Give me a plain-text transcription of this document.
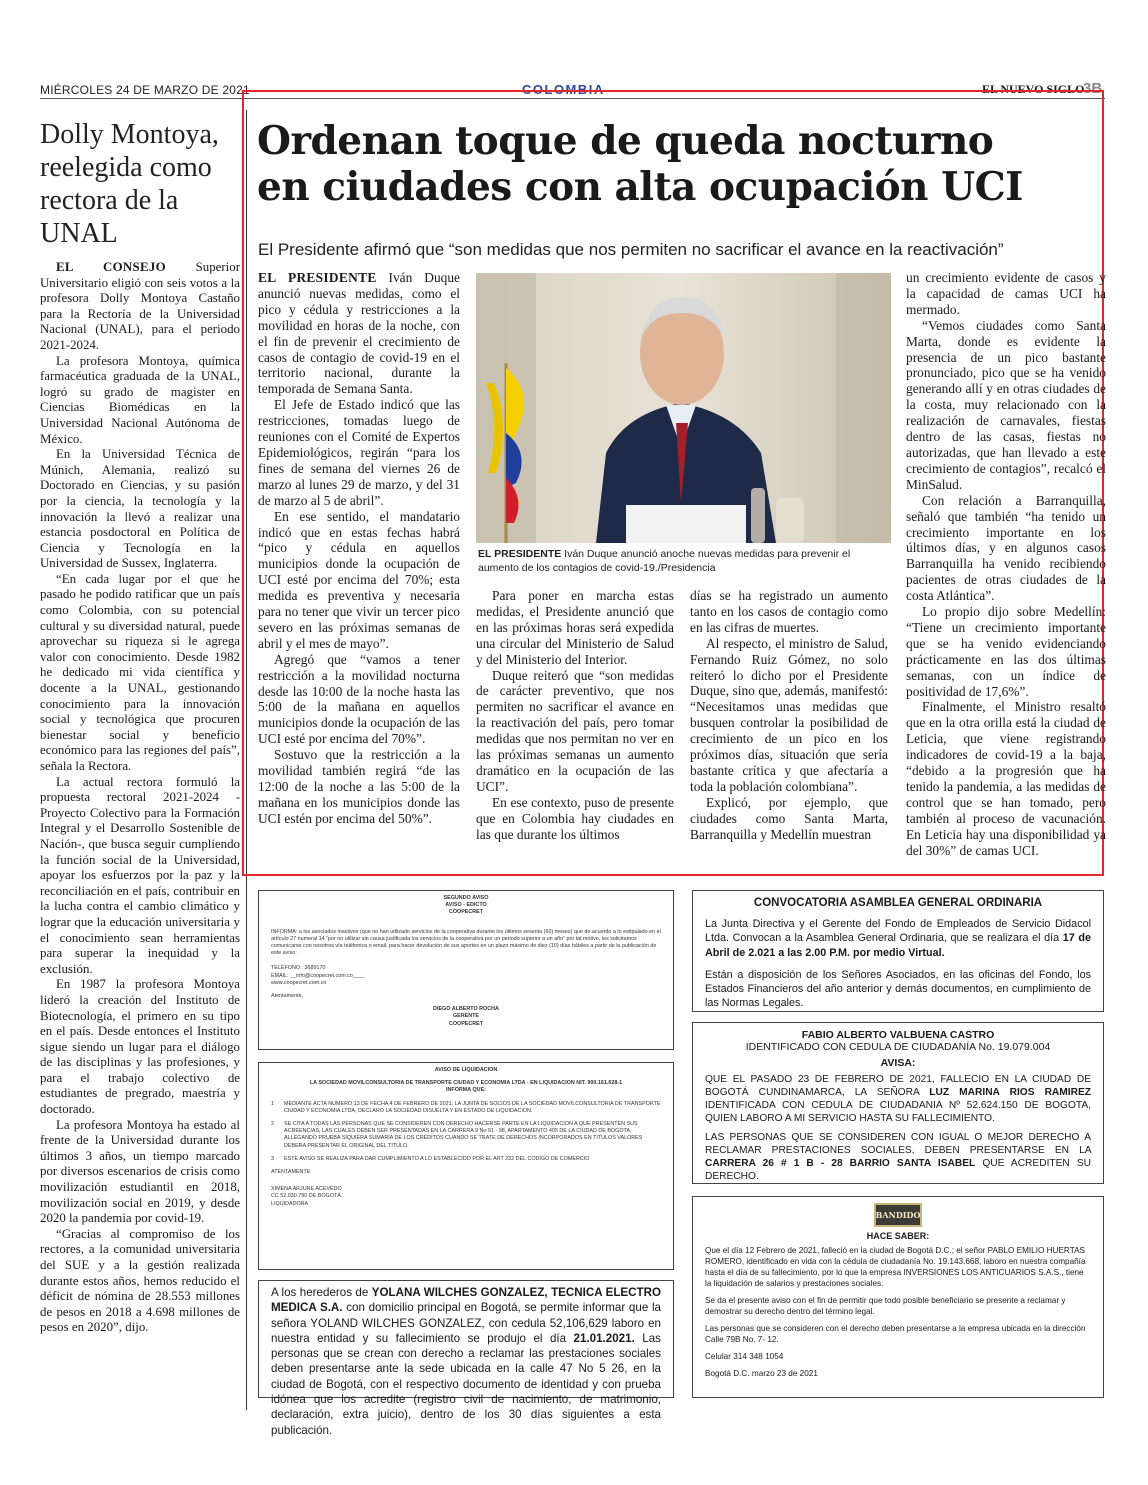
MIÉRCOLES 24 DE MARZO DE 2021	COLOMBIA	EL NUEVO SIGLO
3B
Dolly Montoya, reelegida como rectora de la UNAL

EL CONSEJO Superior Universitario eligió con seis votos a la profesora Dolly Montoya Castaño para la Rectoría de la Universidad Nacional (UNAL), para el periodo 2021-2024.

La profesora Montoya, química farmacéutica graduada de la UNAL, logró su grado de magister en Ciencias Biomédicas en la Universidad Nacional Autónoma de México.

En la Universidad Técnica de Múnich, Alemania, realizó su Doctorado en Ciencias, y su pasión por la ciencia, la tecnología y la innovación la llevó a realizar una estancia posdoctoral en Política de Ciencia y Tecnología en la Universidad de Sussex, Inglaterra.

“En cada lugar por el que he pasado he podido ratificar que un país como Colombia, con su potencial cultural y su diversidad natural, puede aprovechar su riqueza si le agrega valor con conocimiento. Desde 1982 he dedicado mi vida científica y docente a la UNAL, gestionando conocimiento para la innovación social y tecnológica que procuren bienestar social y beneficio económico para las regiones del país”, señala la Rectora.

La actual rectora formuló la propuesta rectoral 2021-2024 -Proyecto Colectivo para la Formación Integral y el Desarrollo Sostenible de Nación-, que busca seguir cumpliendo la función social de la Universidad, apoyar los esfuerzos por la paz y la reconciliación en el país, contribuir en la lucha contra el cambio climático y lograr que la educación universitaria y el conocimiento sean herramientas para superar la inequidad y la exclusión.

En 1987 la profesora Montoya lideró la creación del Instituto de Biotecnología, el primero en su tipo en el país. Desde entonces el Instituto sigue siendo un lugar para el diálogo de las disciplinas y las profesiones, y para el trabajo colectivo de estudiantes de pregrado, maestría y doctorado.

La profesora Montoya ha estado al frente de la Universidad durante los últimos 3 años, un tiempo marcado por diversos escenarios de crisis como movilización estudiantil en 2018, movilización social en 2019, y desde 2020 la pandemia por covid-19.

“Gracias al compromiso de los rectores, a la comunidad universitaria del SUE y a la gestión realizada durante estos años, hemos reducido el déficit de nómina de 28.553 millones de pesos en 2018 a 4.698 millones de pesos en 2020”, dijo.

Ordenan toque de queda nocturno
en ciudades con alta ocupación UCI
El Presidente afirmó que “son medidas que nos permiten no sacrificar el avance en la reactivación”

EL PRESIDENTE Iván Duque anunció nuevas medidas, como el pico y cédula y restricciones a la movilidad en horas de la noche, con el fin de prevenir el crecimiento de casos de contagio de covid-19 en el territorio nacional, durante la temporada de Semana Santa.

El Jefe de Estado indicó que las restricciones, tomadas luego de reuniones con el Comité de Expertos Epidemiológicos, regirán “para los fines de semana del viernes 26 de marzo al lunes 29 de marzo, y del 31 de marzo al 5 de abril”.

En ese sentido, el mandatario indicó que en estas fechas habrá “pico y cédula en aquellos municipios donde la ocupación de UCI esté por encima del 70%; esta medida es preventiva y necesaria para no tener que vivir un tercer pico severo en las próximas semanas de abril y el mes de mayo”.

Agregó que “vamos a tener restricción a la movilidad nocturna desde las 10:00 de la noche hasta las 5:00 de la mañana en aquellos municipios donde la ocupación de las UCI esté por encima del 70%”.

Sostuvo que la restricción a la movilidad también regirá “de las 12:00 de la noche a las 5:00 de la mañana en los municipios donde las UCI estén por encima del 50%”.

EL PRESIDENTE Iván Duque anunció anoche nuevas medidas para prevenir el aumento de los contagios de covid-19./Presidencia

Para poner en marcha estas medidas, el Presidente anunció que en las próximas horas será expedida una circular del Ministerio de Salud y del Ministerio del Interior.

Duque reiteró que “son medidas de carácter preventivo, que nos permiten no sacrificar el avance en la reactivación del país, pero tomar medidas que nos permitan no ver en las próximas semanas un aumento dramático en la ocupación de las UCI”.

En ese contexto, puso de presente que en Colombia hay ciudades en las que durante los últimos

días se ha registrado un aumento tanto en los casos de contagio como en las cifras de muertes.

Al respecto, el ministro de Salud, Fernando Ruiz Gómez, no solo reiteró lo dicho por el Presidente Duque, sino que, además, manifestó: “Necesitamos unas medidas que busquen controlar la posibilidad de crecimiento de un pico en los próximos días, situación que sería bastante crítica y que afectaría a toda la población colombiana”.

Explicó, por ejemplo, que ciudades como Santa Marta, Barranquilla y Medellín muestran

un crecimiento evidente de casos y la capacidad de camas UCI ha mermado.

“Vemos ciudades como Santa Marta, donde es evidente la presencia de un pico bastante pronunciado, pico que se ha venido generando allí y en otras ciudades de la costa, muy relacionado con la realización de carnavales, fiestas dentro de las casas, fiestas no autorizadas, que han llevado a este crecimiento de contagios”, recalcó el MinSalud.

Con relación a Barranquilla, señaló que también “ha tenido un crecimiento importante en los últimos días, y en algunos casos Barranquilla ha venido recibiendo pacientes de otras ciudades de la costa Atlántica”.

Lo propio dijo sobre Medellín: “Tiene un crecimiento importante que se ha venido evidenciando prácticamente en las dos últimas semanas, con un índice de positividad de 17,6%”.

Finalmente, el Ministro resaltó que en la otra orilla está la ciudad de Leticia, que viene registrando indicadores de covid-19 a la baja, “debido a la progresión que ha tenido la pandemia, a las medidas de control que se han tomado, pero también al proceso de vacunación. En Leticia hay una disponibilidad ya del 30%” de camas UCI.

SEGUNDO AVISO
AVISO - EDICTO
COOPECRET
INFORMA: a los asociados inactivos (que no han utilizado servicios de la cooperativa durante los últimos sesenta (60) meses) que de acuerdo a lo estipulado en el artículo 27 numeral 14 “por no utilizar sin causa justificada los servicios de la cooperativa por un periodo superior a un año” por tal motivo, les solicitamos comunicarse con nosotros vía teléfonica o email, para hacer devolución de sus aportes en un plazo máximo de diez (10) días hábiles a partir de la publicación de este aviso:
TELÉFONO : 3689170
EMAIL: __info@coopecret.com.co____
www.coopecret.com.co
Atentamente,
DIEGO ALBERTO ROCHA
GERENTE
COOPECRET
AVISO DE LIQUIDACION
LA SOCIEDAD MOVILCONSULTORIA DE TRANSPORTE CIUDAD Y ECONOMIA LTDA - EN LIQUIDACION NIT. 900.161.628-1
INFORMA QUE:
1 MEDIANTE ACTA NUMERO 13 DE FECHA 4 DE FEBRERO DE 2021, LA JUNTA DE SOCIOS DE LA SOCIEDAD MOVILCONSULTORIA DE TRANSPORTE CIUDAD Y ECONOMIA LTDA, DECLARO LA SOCIEDAD DISUELTA Y EN ESTADO DE LIQUIDACION.
2 SE CITA A TODAS LAS PERSONAS QUE SE CONSIDEREN CON DERECHO HACERSE PARTE EN LA LIQUIDACION A QUE PRESENTEN SUS ACREENCIAS, LAS CUALES DEBEN SER PRESENTADAS EN LA CARRERA 9 No 91 - 98, APARTAMENTO 405 DE LA CIUDAD DE BOGOTA, ALLEGANDO PRUEBA SIQUIERA SUMARIA DE LOS CREDITOS CUANDO SE TRATE DE DERECHOS INCORPORADOS EN TITULOS VALORES DEBERA PRESENTAR EL ORIGINAL DEL TITULO.
3 ESTE AVISO SE REALIZA PARA DAR CUMPLIMIENTO A LO ESTABLECIDO POR EL ART 232 DEL CODIGO DE COMERCIO
ATENTAMENTE
XIMENA ARJURE ACEVEDO
CC 52.030.790 DE BOGOTÁ
LIQUIDADORA
A los herederos de YOLANA WILCHES GONZALEZ, TECNICA ELECTRO MEDICA S.A. con domicilio principal en Bogotá, se permite informar que la señora YOLAND WILCHES GONZALEZ, con cedula 52,106,629 laboro en nuestra entidad y su fallecimiento se produjo el día 21.01.2021. Las personas que se crean con derecho a reclamar las prestaciones sociales deben presentarse ante la sede ubicada en la calle 47 No 5 26, en la ciudad de Bogotá, con el respectivo documento de identidad y con prueba idónea que los acredite (registro civil de nacimiento, de matrimonio, declaración, extra juicio), dentro de los 30 días siguientes a esta publicación.
CONVOCATORIA ASAMBLEA GENERAL ORDINARIA
La Junta Directiva y el Gerente del Fondo de Empleados de Servicio Didacol Ltda. Convocan a la Asamblea General Ordinaria, que se realizara el día 17 de Abril de 2.021 a las 2.00 P.M. por medio Virtual.
Están a disposición de los Señores Asociados, en las oficinas del Fondo, los Estados Financieros del año anterior y demás documentos, en cumplimiento de las Normas Legales.
FABIO ALBERTO VALBUENA CASTRO
IDENTIFICADO CON CEDULA DE CIUDADANÍA No. 19.079.004
AVISA:
QUE EL PASADO 23 DE FEBRERO DE 2021, FALLECIO EN LA CIUDAD DE BOGOTÁ CUNDINAMARCA, LA SEÑORA LUZ MARINA RIOS RAMIREZ IDENTIFICADA CON CEDULA DE CIUDADANIA Nº 52.624.150 DE BOGOTA, QUIEN LABORO A MI SERVICIO HASTA SU FALLECIMIENTO.
LAS PERSONAS QUE SE CONSIDEREN CON IGUAL O MEJOR DERECHO A RECLAMAR PRESTACIONES SOCIALES, DEBEN PRESENTARSE EN LA CARRERA 26 # 1 B - 28 BARRIO SANTA ISABEL QUE ACREDITEN SU DERECHO.
BANDIDO
HACE SABER:
Que el día 12 Febrero de 2021, falleció en la ciudad de Bogotá D.C.; el señor PABLO EMILIO HUERTAS ROMERO, identificado en vida con la cédula de ciudadanía No. 19.143.668, laboro en nuestra compañía hasta el día de su fallecimiento, por lo que la empresa INVERSIONES LOS ANTICUARIOS S.A.S., tiene la liquidación de salarios y prestaciones sociales.
Se da el presente aviso con el fin de permitir que todo posible beneficiario se presente a reclamar y demostrar su derecho dentro del término legal.
Las personas que se consideren con el derecho deben presentarse a la empresa ubicada en la dirección Calle 79B No. 7- 12.
Celular 314 348 1054
Bogotá D.C. marzo 23 de 2021
